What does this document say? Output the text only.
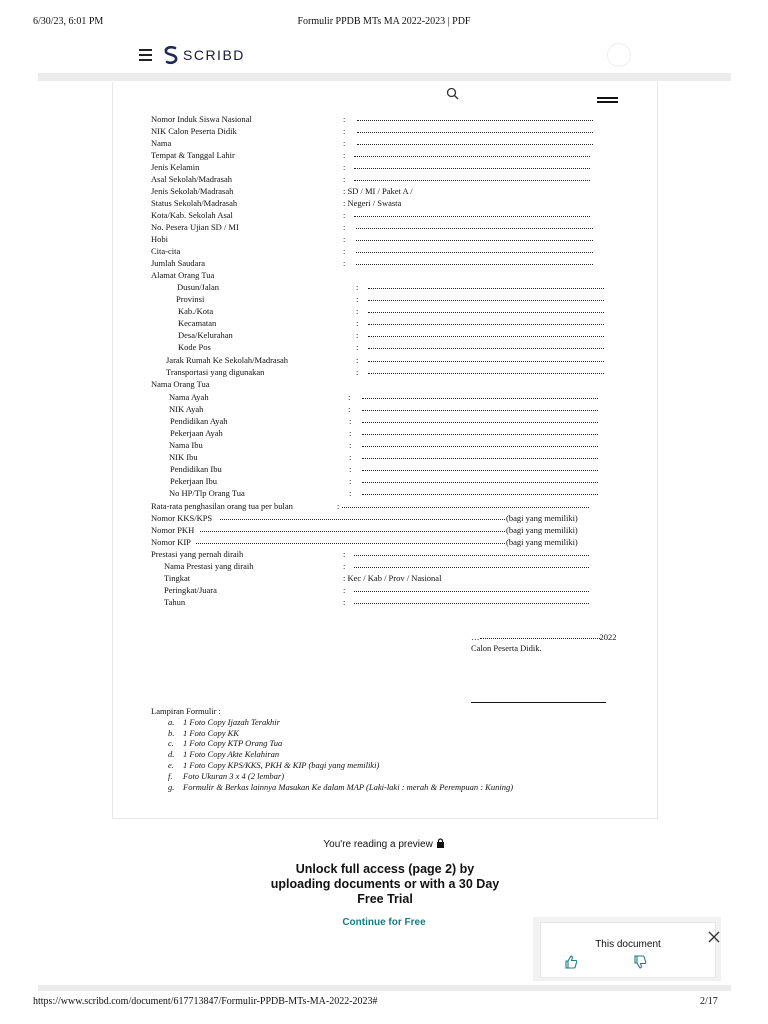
6/30/23, 6:01 PM	Formulir PPDB MTs MA 2022-2023 | PDF
SCRIBD
Nomor Induk Siswa Nasional	:
NIK Calon Peserta Didik	:
Nama	:
Tempat & Tanggal Lahir	:
Jenis Kelamin	:
Asal Sekolah/Madrasah	:
Jenis Sekolah/Madrasah	: SD / MI / Paket A /
Status Sekolah/Madrasah	: Negeri / Swasta
Kota/Kab. Sekolah Asal	:
No. Pesera Ujian SD / MI	:
Hobi	:
Cita-cita	:
Jumlah Saudara	:
Alamat Orang Tua
Dusun/Jalan	:
Provinsi	:
Kab./Kota	:
Kecamatan	:
Desa/Kelurahan	:
Kode Pos	:
Jarak Rumah Ke Sekolah/Madrasah	:
Transportasi yang digunakan	:
Nama Orang Tua
Nama Ayah	:
NIK Ayah	:
Pendidikan Ayah	:
Pekerjaan Ayah	:
Nama Ibu	:
NIK Ibu	:
Pendidikan Ibu	:
Pekerjaan Ibu	:
No HP/Tlp Orang Tua	:
Rata-rata penghasilan orang tua per bulan	:
Nomor KKS/KPS	(bagi yang memiliki)
Nomor PKH	(bagi yang memiliki)
Nomor KIP	(bagi yang memiliki)
Prestasi yang pernah diraih	:
Nama Prestasi yang diraih	:
Tingkat	: Kec / Kab / Prov / Nasional
Peringkat/Juara	:
Tahun	:
…	2022
Calon Peserta Didik.
Lampiran Formulir :
a. 1 Foto Copy Ijazah Terakhir
b. 1 Foto Copy KK
c. 1 Foto Copy KTP Orang Tua
d. 1 Foto Copy Akte Kelahiran
e. 1 Foto Copy KPS/KKS, PKH & KIP (bagi yang memiliki)
f. Foto Ukuran 3 x 4 (2 lembar)
g. Formulir & Berkas lainnya Masukan Ke dalam MAP (Laki-laki : merah & Perempuan : Kuning)
You're reading a preview
Unlock full access (page 2) by uploading documents or with a 30 Day Free Trial
Continue for Free
This document
https://www.scribd.com/document/617713847/Formulir-PPDB-MTs-MA-2022-2023#	2/17
